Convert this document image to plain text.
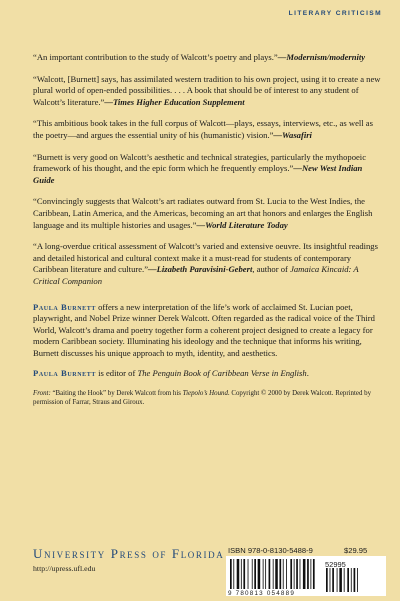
LITERARY CRITICISM

“An important contribution to the study of Walcott’s poetry and plays.”—Modernism/modernity

“Walcott, [Burnett] says, has assimilated western tradition to his own project, using it to create a new plural world of open-ended possibilities. . . . A book that should be of interest to any student of Walcott’s literature.”—Times Higher Education Supplement

“This ambitious book takes in the full corpus of Walcott—plays, essays, interviews, etc., as well as the poetry—and argues the essential unity of his (humanistic) vision.”—Wasafiri

“Burnett is very good on Walcott’s aesthetic and technical strategies, particularly the mythopoeic framework of his thought, and the epic form which he frequently employs.”—New West Indian Guide

“Convincingly suggests that Walcott’s art radiates outward from St. Lucia to the West Indies, the Caribbean, Latin America, and the Americas, becoming an art that honors and enlarges the English language and its multiple histories and usages.”—World Literature Today

“A long-overdue critical assessment of Walcott’s varied and extensive oeuvre. Its insightful readings and detailed historical and cultural context make it a must-read for students of contemporary Caribbean literature and culture.”—Lizabeth Paravisini-Gebert, author of Jamaica Kincaid: A Critical Companion

Paula Burnett offers a new interpretation of the life’s work of acclaimed St. Lucian poet, playwright, and Nobel Prize winner Derek Walcott. Often regarded as the radical voice of the Third World, Walcott’s drama and poetry together form a coherent project designed to create a legacy for modern Caribbean society. Illuminating his ideology and the technique that informs his writing, Burnett discusses his unique approach to myth, identity, and aesthetics.

Paula Burnett is editor of The Penguin Book of Caribbean Verse in English.

Front: “Baiting the Hook” by Derek Walcott from his Tiepolo’s Hound. Copyright © 2000 by Derek Walcott. Reprinted by permission of Farrar, Straus and Giroux.

University Press of Florida
http://upress.ufl.edu
ISBN 978-0-8130-5488-9	$29.95
52995
9 780813 054889
